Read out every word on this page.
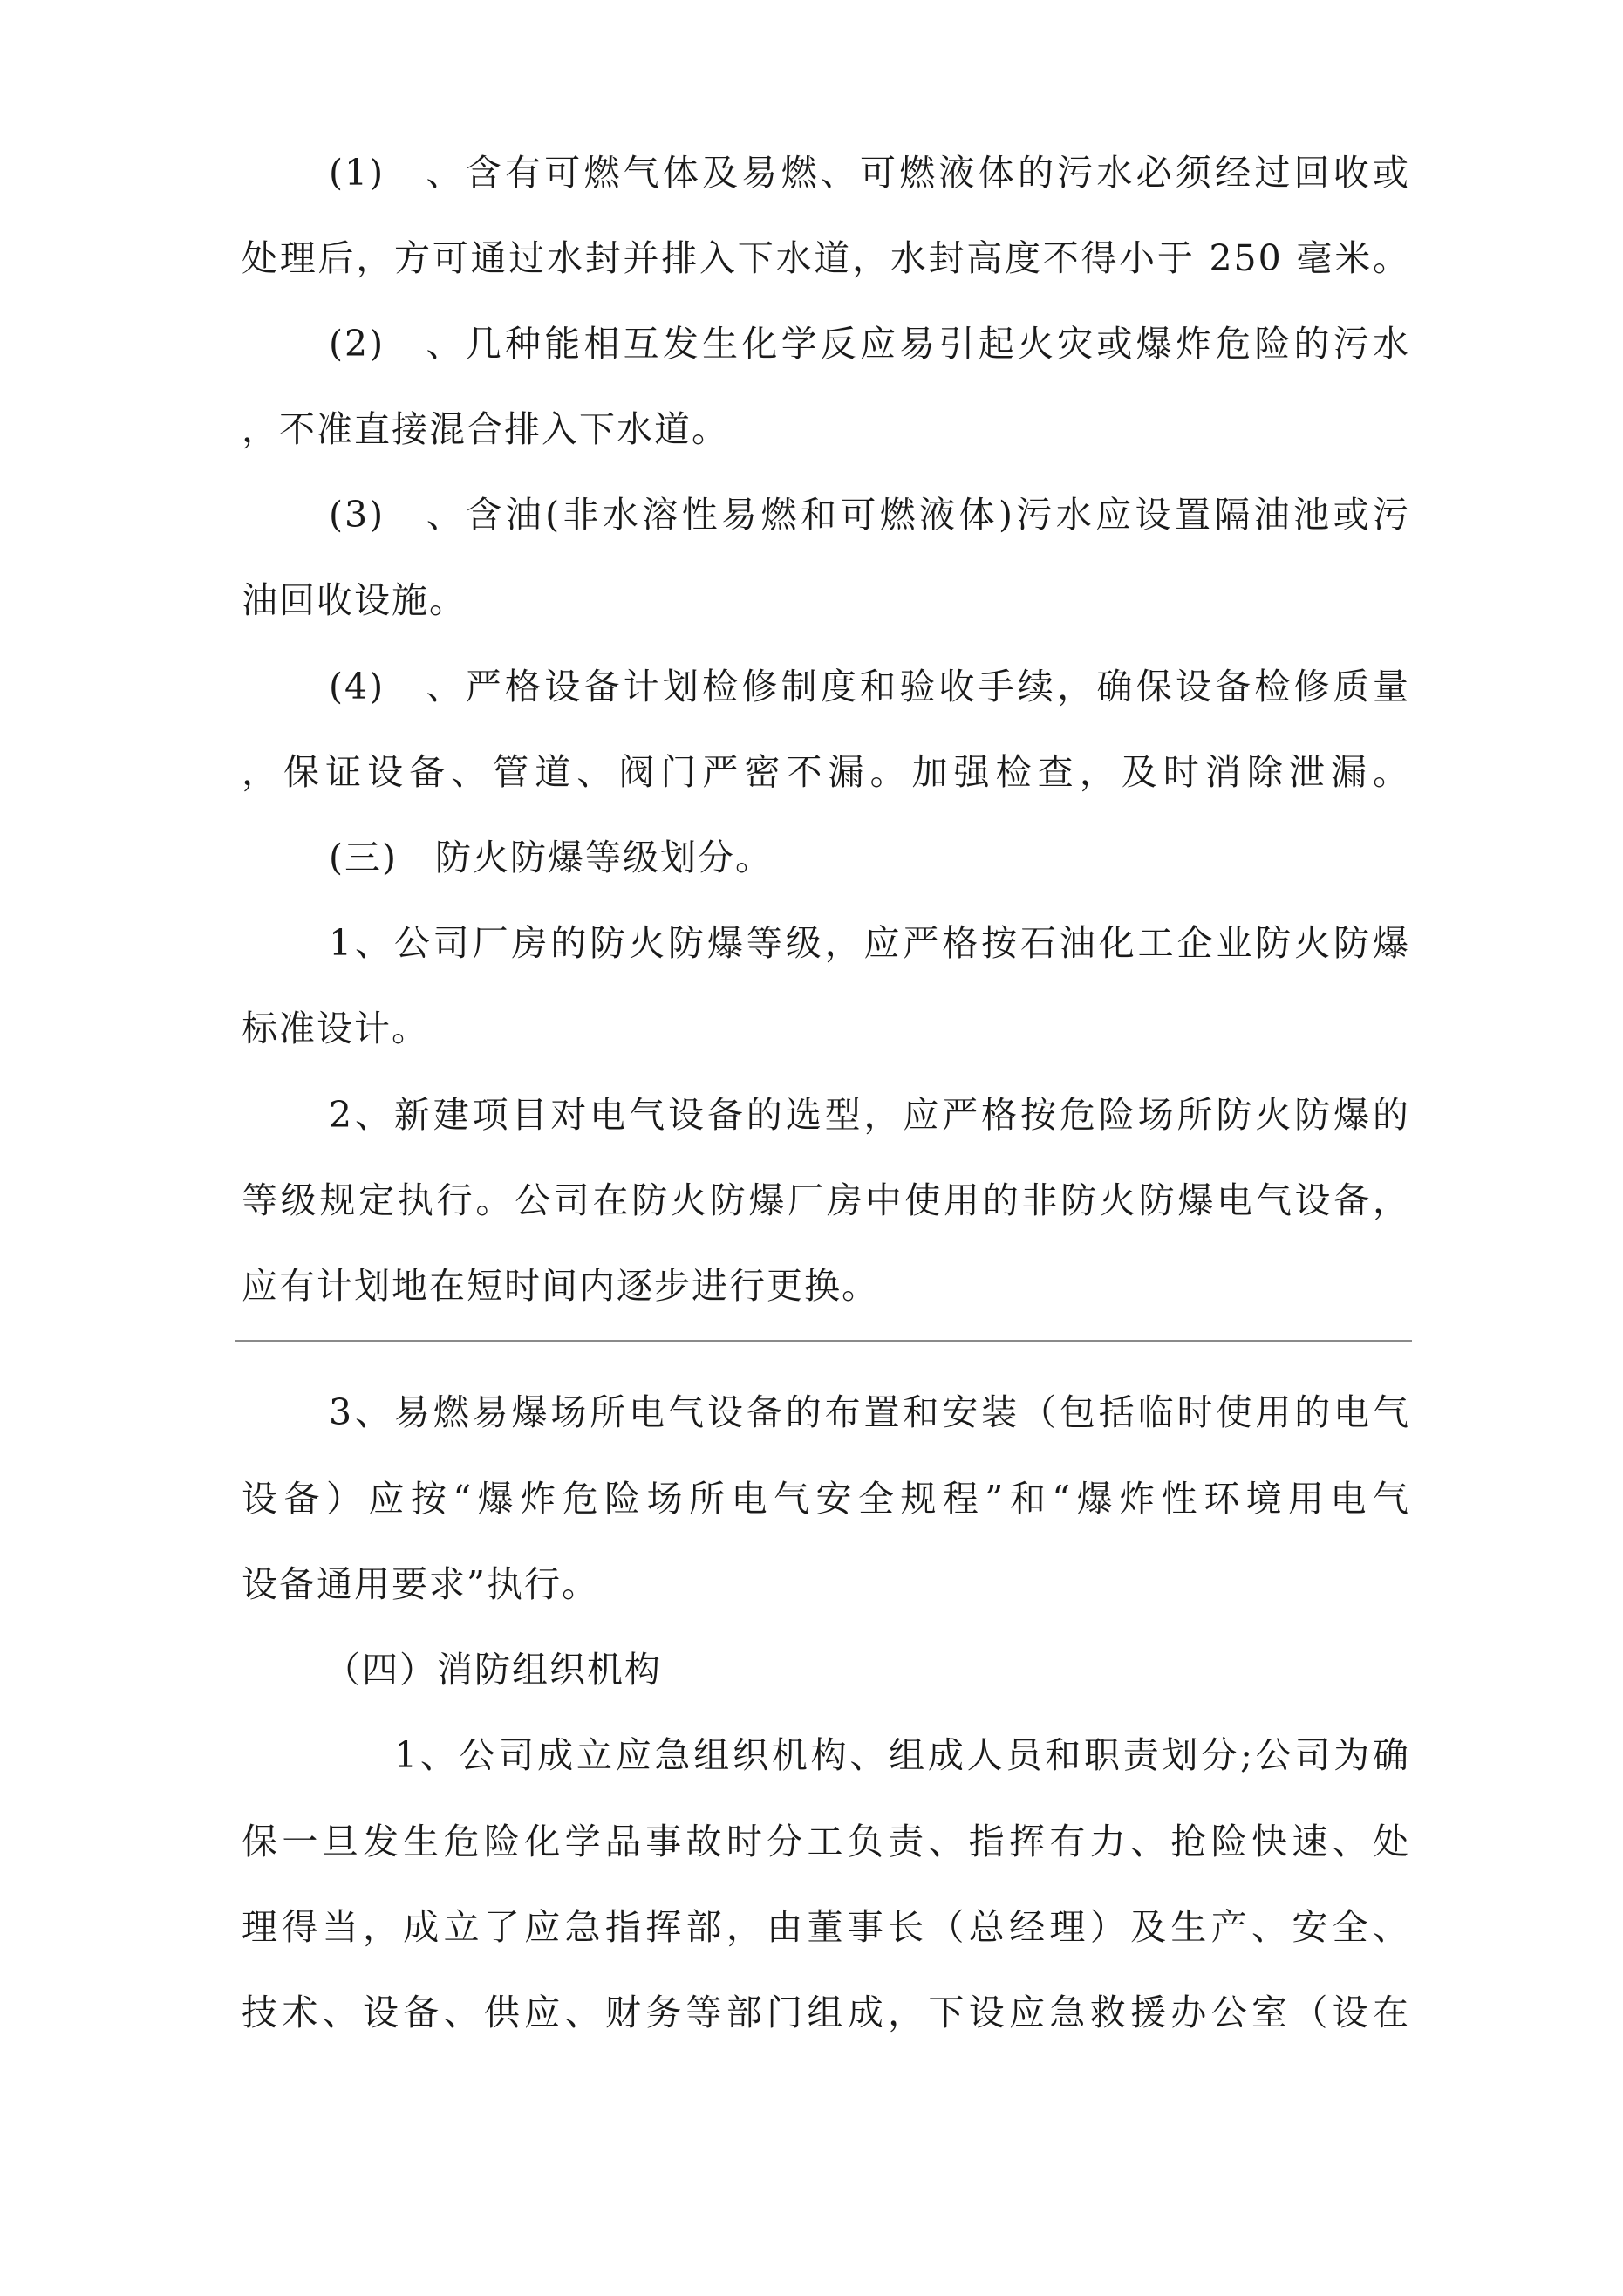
(1)　、含有可燃气体及易燃、可燃液体的污水必须经过回收或
处理后，方可通过水封并排入下水道，水封高度不得小于 250 毫米。
(2)　、几种能相互发生化学反应易引起火灾或爆炸危险的污水
，不准直接混合排入下水道。
(3)　、含油(非水溶性易燃和可燃液体)污水应设置隔油池或污
油回收设施。
(4)　、严格设备计划检修制度和验收手续，确保设备检修质量
，保证设备、管道、阀门严密不漏。加强检查，及时消除泄漏。
(三)　防火防爆等级划分。
1、公司厂房的防火防爆等级，应严格按石油化工企业防火防爆
标准设计。
2、新建项目对电气设备的选型，应严格按危险场所防火防爆的
等级规定执行。公司在防火防爆厂房中使用的非防火防爆电气设备，
应有计划地在短时间内逐步进行更换。
3、易燃易爆场所电气设备的布置和安装（包括临时使用的电气
设备）应按“爆炸危险场所电气安全规程”和“爆炸性环境用电气
设备通用要求”执行。
（四）消防组织机构
1、公司成立应急组织机构、组成人员和职责划分;公司为确
保一旦发生危险化学品事故时分工负责、指挥有力、抢险快速、处
理得当，成立了应急指挥部，由董事长（总经理）及生产、安全、
技术、设备、供应、财务等部门组成，下设应急救援办公室（设在
